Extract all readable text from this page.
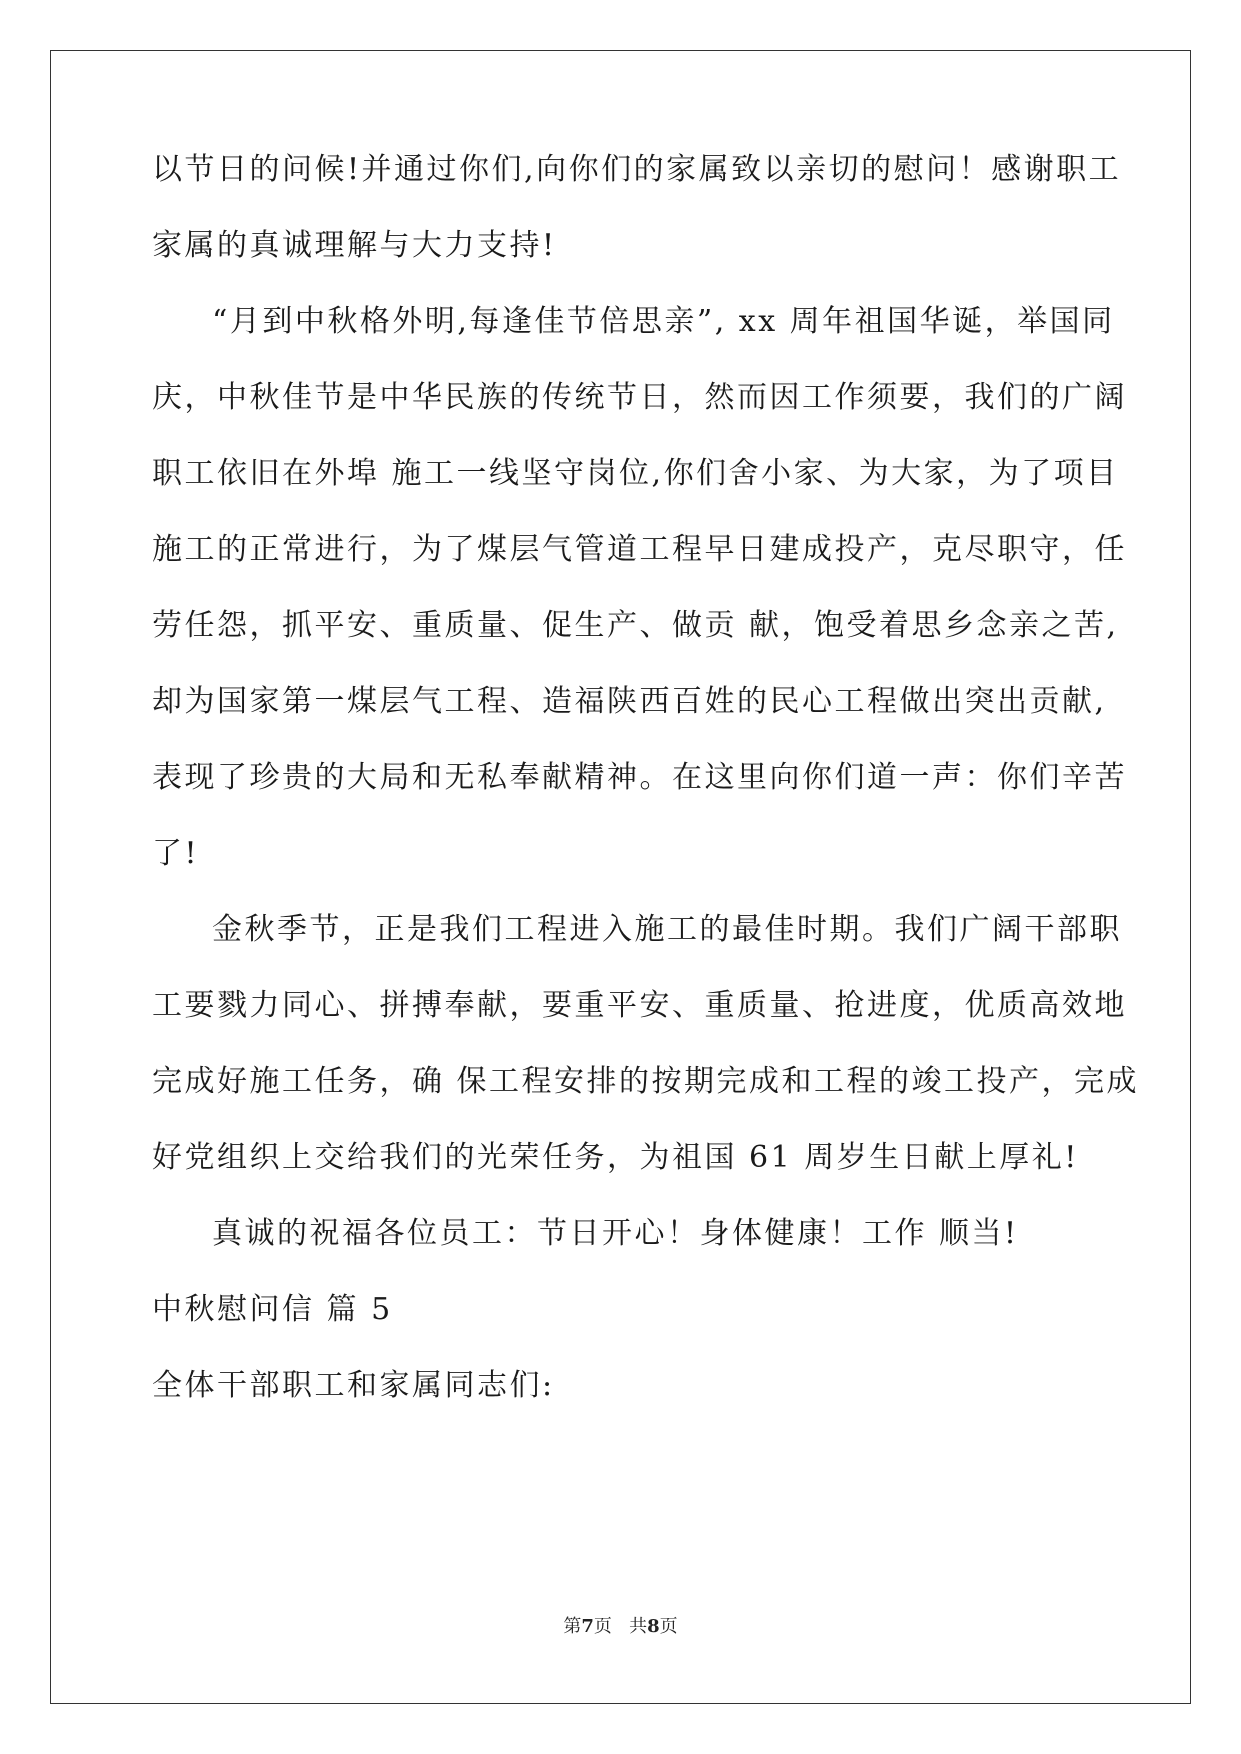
以节日的问候!并通过你们,向你们的家属致以亲切的慰问！感谢职工
家属的真诚理解与大力支持!
“月到中秋格外明,每逢佳节倍思亲”, xx 周年祖国华诞，举国同
庆，中秋佳节是中华民族的传统节日，然而因工作须要，我们的广阔
职工依旧在外埠 施工一线坚守岗位,你们舍小家、为大家，为了项目
施工的正常进行，为了煤层气管道工程早日建成投产，克尽职守，任
劳任怨，抓平安、重质量、促生产、做贡 献，饱受着思乡念亲之苦,
却为国家第一煤层气工程、造福陕西百姓的民心工程做出突出贡献,
表现了珍贵的大局和无私奉献精神。在这里向你们道一声：你们辛苦
了!
金秋季节，正是我们工程进入施工的最佳时期。我们广阔干部职
工要戮力同心、拼搏奉献，要重平安、重质量、抢进度，优质高效地
完成好施工任务，确 保工程安排的按期完成和工程的竣工投产，完成
好党组织上交给我们的光荣任务，为祖国 61 周岁生日献上厚礼!
真诚的祝福各位员工：节日开心！身体健康！工作 顺当!
中秋慰问信 篇 5
全体干部职工和家属同志们:
第7页 共8页
